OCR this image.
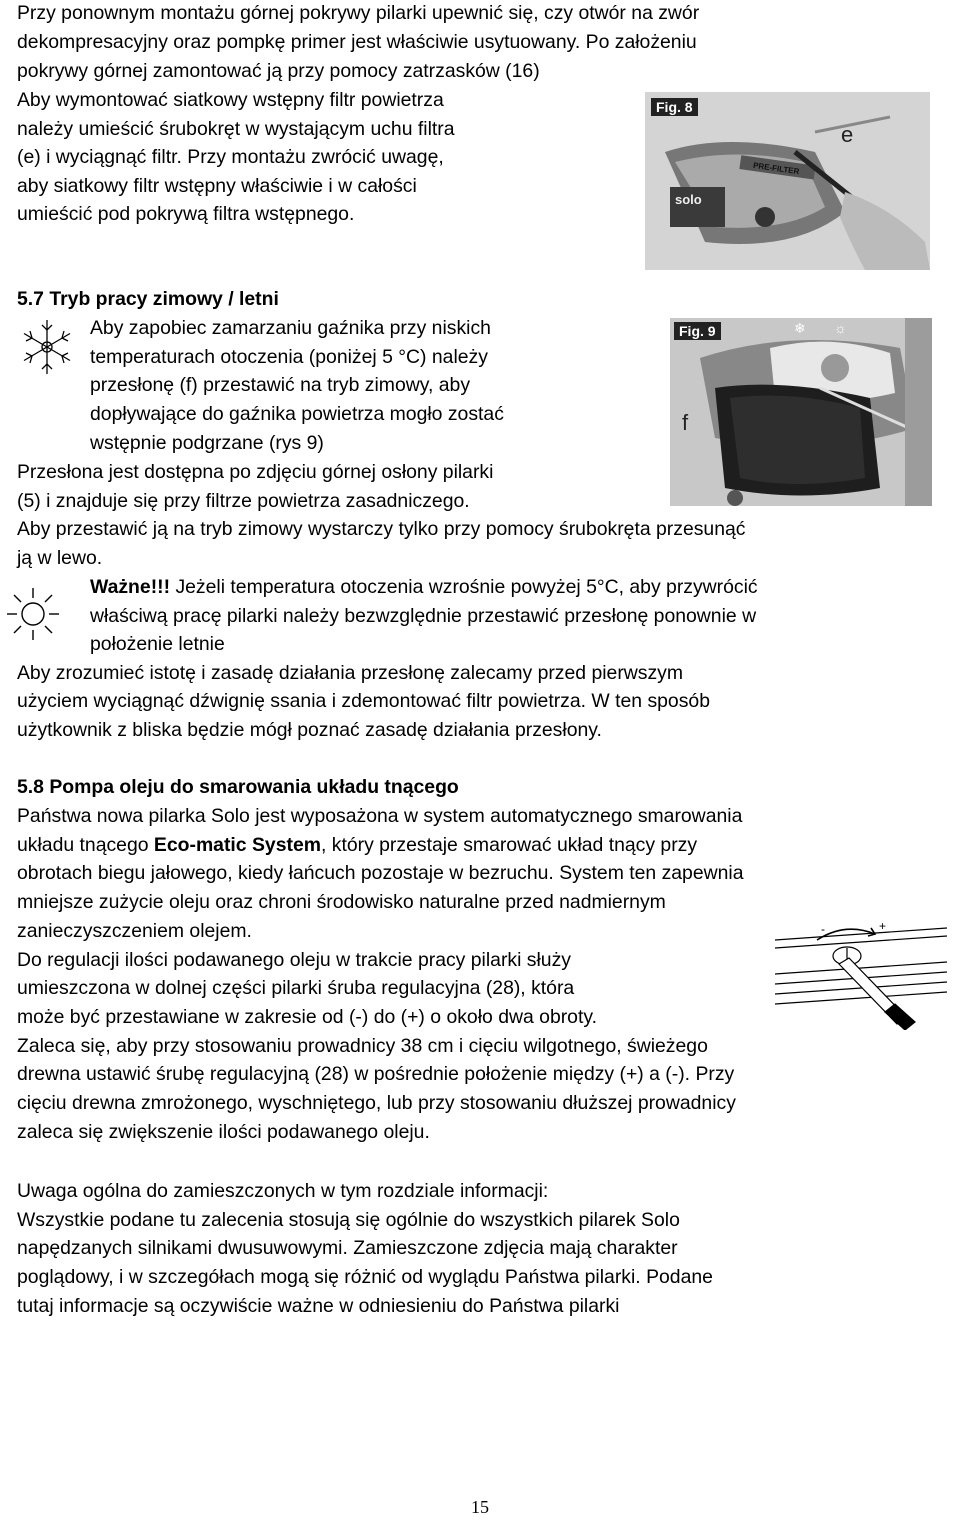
Przy ponownym montażu górnej pokrywy pilarki upewnić się, czy otwór na zwór
dekompresacyjny oraz pompkę primer jest właściwie usytuowany. Po założeniu
pokrywy górnej zamontować ją przy pomocy zatrzasków (16)
Aby wymontować siatkowy wstępny filtr powietrza
należy umieścić śrubokręt w wystającym uchu filtra
(e) i wyciągnąć filtr. Przy montażu zwrócić uwagę,
aby siatkowy filtr wstępny właściwie i w całości
umieścić pod pokrywą filtra wstępnego.
Fig. 8
e
PRE-FILTER
solo
5.7 Tryb pracy zimowy / letni
Aby zapobiec zamarzaniu gaźnika przy niskich
temperaturach otoczenia (poniżej 5 °C) należy
przesłonę (f) przestawić na tryb zimowy, aby
dopływające do gaźnika powietrza mogło zostać
wstępnie podgrzane (rys 9)
Przesłona jest dostępna po zdjęciu górnej osłony pilarki
(5) i znajduje się przy filtrze powietrza zasadniczego.
Aby przestawić ją na tryb zimowy wystarczy tylko przy pomocy śrubokręta przesunąć
ją w lewo.
Fig. 9
f
❄ ☼
Ważne!!! Jeżeli temperatura otoczenia wzrośnie powyżej 5°C, aby przywrócić
właściwą pracę pilarki należy bezwzględnie przestawić przesłonę ponownie w
położenie letnie
Aby zrozumieć istotę i zasadę działania przesłonę zalecamy przed pierwszym
użyciem wyciągnąć dźwignię ssania i zdemontować filtr powietrza. W ten sposób
użytkownik z bliska będzie mógł poznać zasadę działania przesłony.
5.8 Pompa oleju do smarowania układu tnącego
Państwa nowa pilarka Solo jest wyposażona w system automatycznego smarowania
układu tnącego Eco-matic System, który przestaje smarować układ tnący przy
obrotach biegu jałowego, kiedy łańcuch pozostaje w bezruchu. System ten zapewnia
mniejsze zużycie oleju oraz chroni środowisko naturalne przed nadmiernym
zanieczyszczeniem olejem.
Do regulacji ilości podawanego oleju w trakcie pracy pilarki służy
umieszczona w dolnej części pilarki śruba regulacyjna (28), która
może być przestawiane w zakresie od (-) do (+) o około dwa obroty.
Zaleca się, aby przy stosowaniu prowadnicy 38 cm i cięciu wilgotnego, świeżego
drewna ustawić śrubę regulacyjną (28) w pośrednie położenie między (+) a (-). Przy
cięciu drewna zmrożonego, wyschniętego, lub przy stosowaniu dłuższej prowadnicy
zaleca się zwiększenie ilości podawanego oleju.
-	+
Uwaga ogólna do zamieszczonych w tym rozdziale informacji:
Wszystkie podane tu zalecenia stosują się ogólnie do wszystkich pilarek Solo
napędzanych silnikami dwusuwowymi. Zamieszczone zdjęcia mają charakter
poglądowy, i w szczegółach mogą się różnić od wyglądu Państwa pilarki. Podane
tutaj informacje są oczywiście ważne w odniesieniu do Państwa pilarki
15
